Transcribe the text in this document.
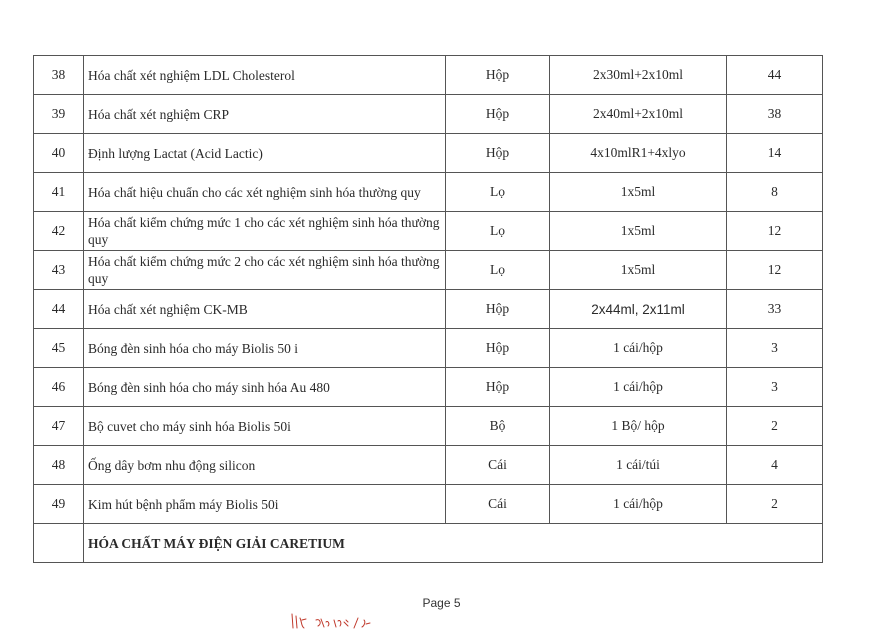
38	Hóa chất xét nghiệm LDL Cholesterol	Hộp	2x30ml+2x10ml	44
39	Hóa chất xét nghiệm CRP	Hộp	2x40ml+2x10ml	38
40	Định lượng Lactat (Acid Lactic)	Hộp	4x10mlR1+4xlyo	14
41	Hóa chất hiệu chuẩn cho các xét nghiệm sinh hóa thường quy	Lọ	1x5ml	8
42	Hóa chất kiểm chứng mức 1 cho các xét nghiệm sinh hóa thường quy	Lọ	1x5ml	12
43	Hóa chất kiểm chứng mức 2 cho các xét nghiệm sinh hóa thường quy	Lọ	1x5ml	12
44	Hóa chất xét nghiệm CK-MB	Hộp	2x44ml, 2x11ml	33
45	Bóng đèn sinh hóa cho máy Biolis 50 i	Hộp	1 cái/hộp	3
46	Bóng đèn sinh hóa cho máy sinh hóa Au 480	Hộp	1 cái/hộp	3
47	Bộ cuvet cho máy sinh hóa Biolis 50i	Bộ	1 Bộ/ hộp	2
48	Ống dây bơm nhu động silicon	Cái	1 cái/túi	4
49	Kim hút bệnh phẩm máy Biolis 50i	Cái	1 cái/hộp	2
	HÓA CHẤT MÁY ĐIỆN GIẢI CARETIUM			
Page 5
